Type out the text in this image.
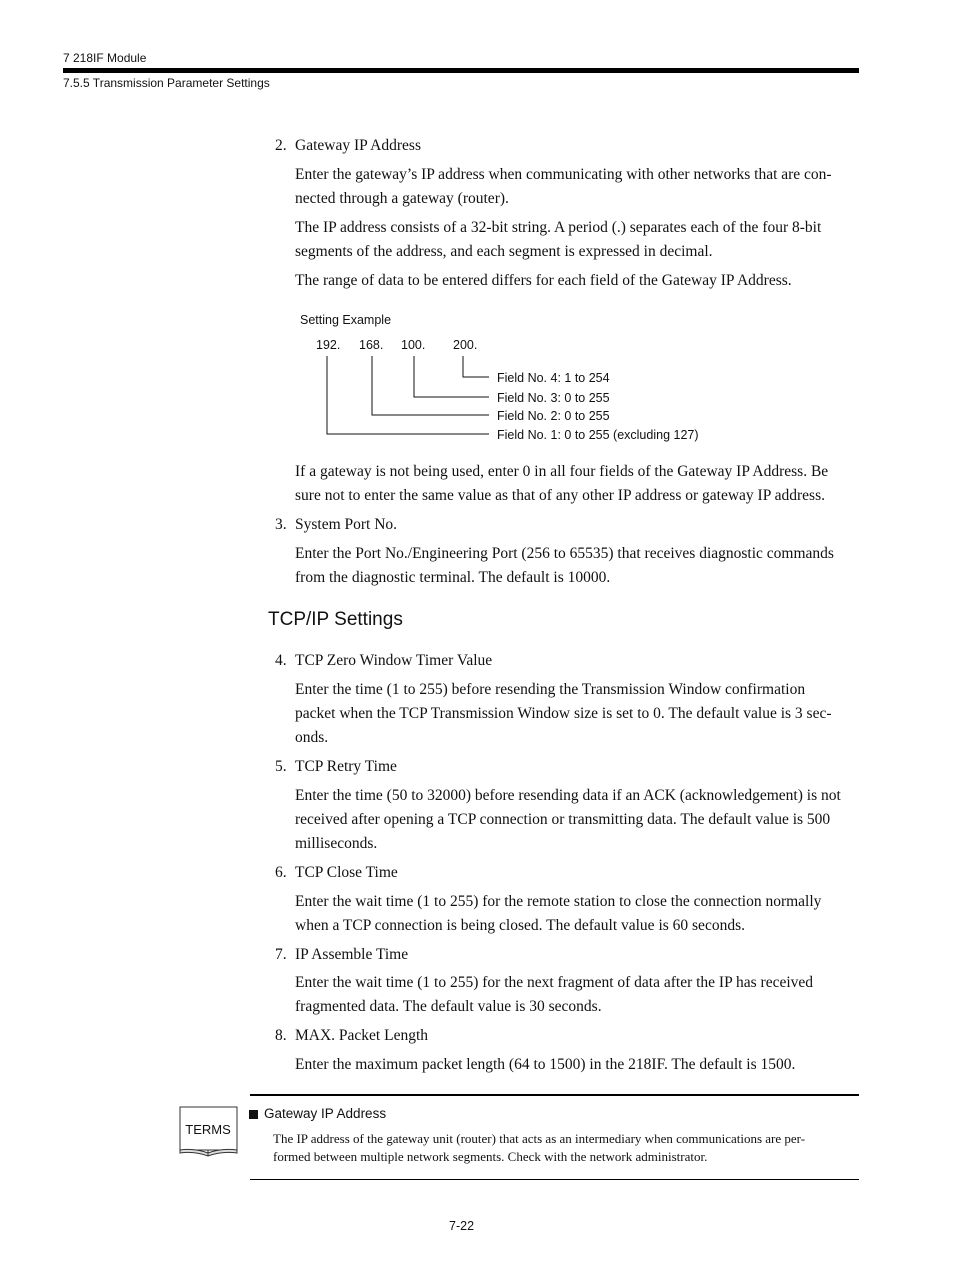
7 218IF Module
7.5.5 Transmission Parameter Settings
2. Gateway IP Address
Enter the gateway’s IP address when communicating with other networks that are con-
nected through a gateway (router).
The IP address consists of a 32-bit string. A period (.) separates each of the four 8-bit
segments of the address, and each segment is expressed in decimal.
The range of data to be entered differs for each field of the Gateway IP Address.
Setting Example
192. 168. 100. 200.
Field No. 4: 1 to 254
Field No. 3: 0 to 255
Field No. 2: 0 to 255
Field No. 1: 0 to 255 (excluding 127)
If a gateway is not being used, enter 0 in all four fields of the Gateway IP Address. Be
sure not to enter the same value as that of any other IP address or gateway IP address.
3. System Port No.
Enter the Port No./Engineering Port (256 to 65535) that receives diagnostic commands
from the diagnostic terminal. The default is 10000.
TCP/IP Settings
4. TCP Zero Window Timer Value
Enter the time (1 to 255) before resending the Transmission Window confirmation
packet when the TCP Transmission Window size is set to 0. The default value is 3 sec-
onds.
5. TCP Retry Time
Enter the time (50 to 32000) before resending data if an ACK (acknowledgement) is not
received after opening a TCP connection or transmitting data. The default value is 500
milliseconds.
6. TCP Close Time
Enter the wait time (1 to 255) for the remote station to close the connection normally
when a TCP connection is being closed. The default value is 60 seconds.
7. IP Assemble Time
Enter the wait time (1 to 255) for the next fragment of data after the IP has received
fragmented data. The default value is 30 seconds.
8. MAX. Packet Length
Enter the maximum packet length (64 to 1500) in the 218IF. The default is 1500.
TERMS
Gateway IP Address
The IP address of the gateway unit (router) that acts as an intermediary when communications are per-
formed between multiple network segments. Check with the network administrator.
7-22
